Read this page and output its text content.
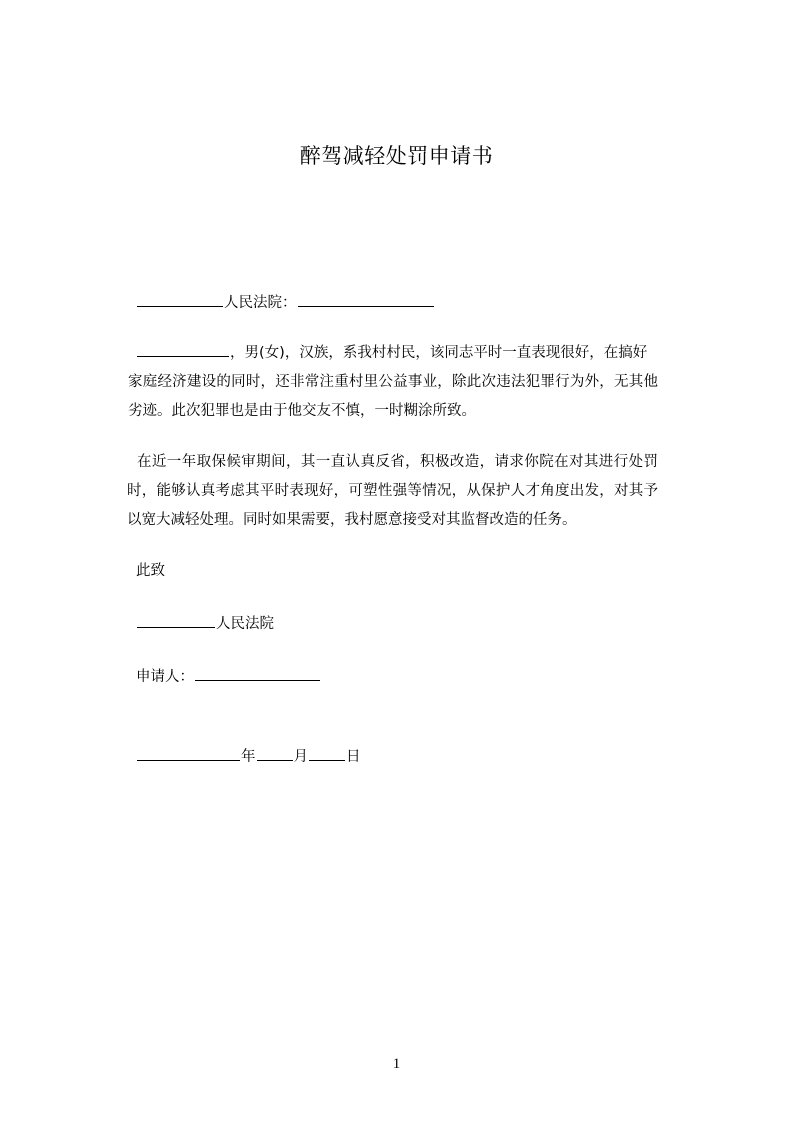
醉驾减轻处罚申请书
人民法院：

，男(女)，汉族，系我村村民，该同志平时一直表现很好，在搞好

家庭经济建设的同时，还非常注重村里公益事业，除此次违法犯罪行为外，无其他劣迹。此次犯罪也是由于他交友不慎，一时糊涂所致。

在近一年取保候审期间，其一直认真反省，积极改造，请求你院在对其进行处罚时，能够认真考虑其平时表现好，可塑性强等情况，从保护人才角度出发，对其予以宽大减轻处理。同时如果需要，我村愿意接受对其监督改造的任务。

此致
人民法院
申请人：
年	月	日
1
